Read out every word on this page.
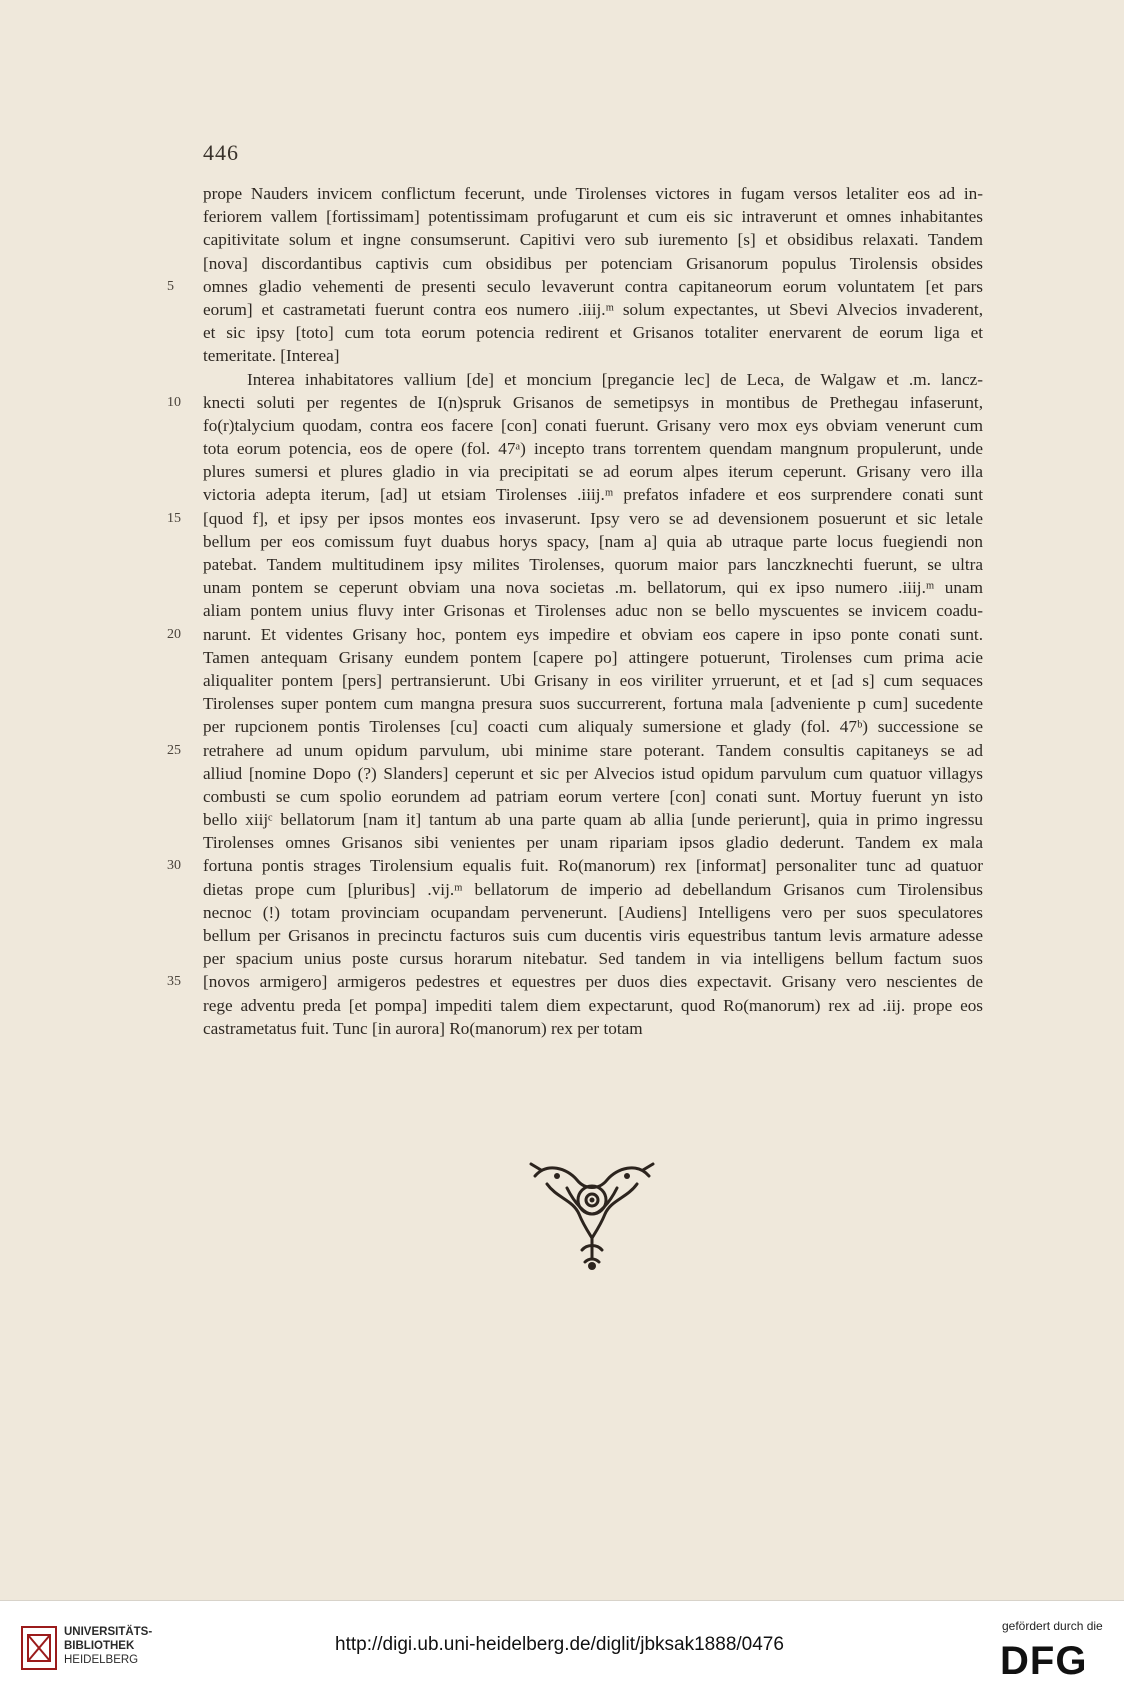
446
prope Nauders invicem conflictum fecerunt, unde Tirolenses victores in fugam versos letaliter eos ad in-
feriorem vallem [fortissimam] potentissimam profugarunt et cum eis sic intraverunt et omnes inhabitantes
capitivitate solum et ingne consumserunt. Capitivi vero sub iuremento [s] et obsidibus relaxati. Tandem
[nova] discordantibus captivis cum obsidibus per potenciam Grisanorum populus Tirolensis obsides
5	omnes gladio vehementi de presenti seculo levaverunt contra capitaneorum eorum voluntatem [et pars
eorum] et castrametati fuerunt contra eos numero .iiij.ᵐ solum expectantes, ut Sbevi Alvecios invaderent,
et sic ipsy [toto] cum tota eorum potencia redirent et Grisanos totaliter enervarent de eorum liga et
temeritate. [Interea]
Interea inhabitatores vallium [de] et moncium [pregancie lec] de Leca, de Walgaw et .m. lancz-
10	knecti soluti per regentes de I(n)spruk Grisanos de semetipsys in montibus de Prethegau infaserunt,
fo(r)talycium quodam, contra eos facere [con] conati fuerunt. Grisany vero mox eys obviam venerunt cum
tota eorum potencia, eos de opere (fol. 47ᵃ) incepto trans torrentem quendam mangnum propulerunt, unde
plures sumersi et plures gladio in via precipitati se ad eorum alpes iterum ceperunt. Grisany vero illa
victoria adepta iterum, [ad] ut etsiam Tirolenses .iiij.ᵐ prefatos infadere et eos surprendere conati sunt
15	[quod f], et ipsy per ipsos montes eos invaserunt. Ipsy vero se ad devensionem posuerunt et sic letale
bellum per eos comissum fuyt duabus horys spacy, [nam a] quia ab utraque parte locus fuegiendi non
patebat. Tandem multitudinem ipsy milites Tirolenses, quorum maior pars lanczknechti fuerunt, se ultra
unam pontem se ceperunt obviam una nova societas .m. bellatorum, qui ex ipso numero .iiij.ᵐ unam
aliam pontem unius fluvy inter Grisonas et Tirolenses aduc non se bello myscuentes se invicem coadu-
20	narunt. Et videntes Grisany hoc, pontem eys impedire et obviam eos capere in ipso ponte conati sunt.
Tamen antequam Grisany eundem pontem [capere po] attingere potuerunt, Tirolenses cum prima acie
aliqualiter pontem [pers] pertransierunt. Ubi Grisany in eos viriliter yrruerunt, et et [ad s] cum sequaces
Tirolenses super pontem cum mangna presura suos succurrerent, fortuna mala [adveniente p cum] sucedente
per rupcionem pontis Tirolenses [cu] coacti cum aliqualy sumersione et glady (fol. 47ᵇ) successione se
25	retrahere ad unum opidum parvulum, ubi minime stare poterant. Tandem consultis capitaneys se ad
alliud [nomine Dopo (?) Slanders] ceperunt et sic per Alvecios istud opidum parvulum cum quatuor villagys
combusti se cum spolio eorundem ad patriam eorum vertere [con] conati sunt. Mortuy fuerunt yn isto
bello xiijᶜ bellatorum [nam it] tantum ab una parte quam ab allia [unde perierunt], quia in primo ingressu
Tirolenses omnes Grisanos sibi venientes per unam ripariam ipsos gladio dederunt. Tandem ex mala
30	fortuna pontis strages Tirolensium equalis fuit. Ro(manorum) rex [informat] personaliter tunc ad quatuor
dietas prope cum [pluribus] .vij.ᵐ bellatorum de imperio ad debellandum Grisanos cum Tirolensibus
necnoc (!) totam provinciam ocupandam pervenerunt. [Audiens] Intelligens vero per suos speculatores
bellum per Grisanos in precinctu facturos suis cum ducentis viris equestribus tantum levis armature adesse
per spacium unius poste cursus horarum nitebatur. Sed tandem in via intelligens bellum factum suos
35	[novos armigero] armigeros pedestres et equestres per duos dies expectavit. Grisany vero nescientes de
rege adventu preda [et pompa] impediti talem diem expectarunt, quod Ro(manorum) rex ad .iij. prope eos
castrametatus fuit. Tunc [in aurora] Ro(manorum) rex per totam
UNIVERSITÄTS-
BIBLIOTHEK
HEIDELBERG
http://digi.ub.uni-heidelberg.de/diglit/jbksak1888/0476
gefördert durch die
DFG
